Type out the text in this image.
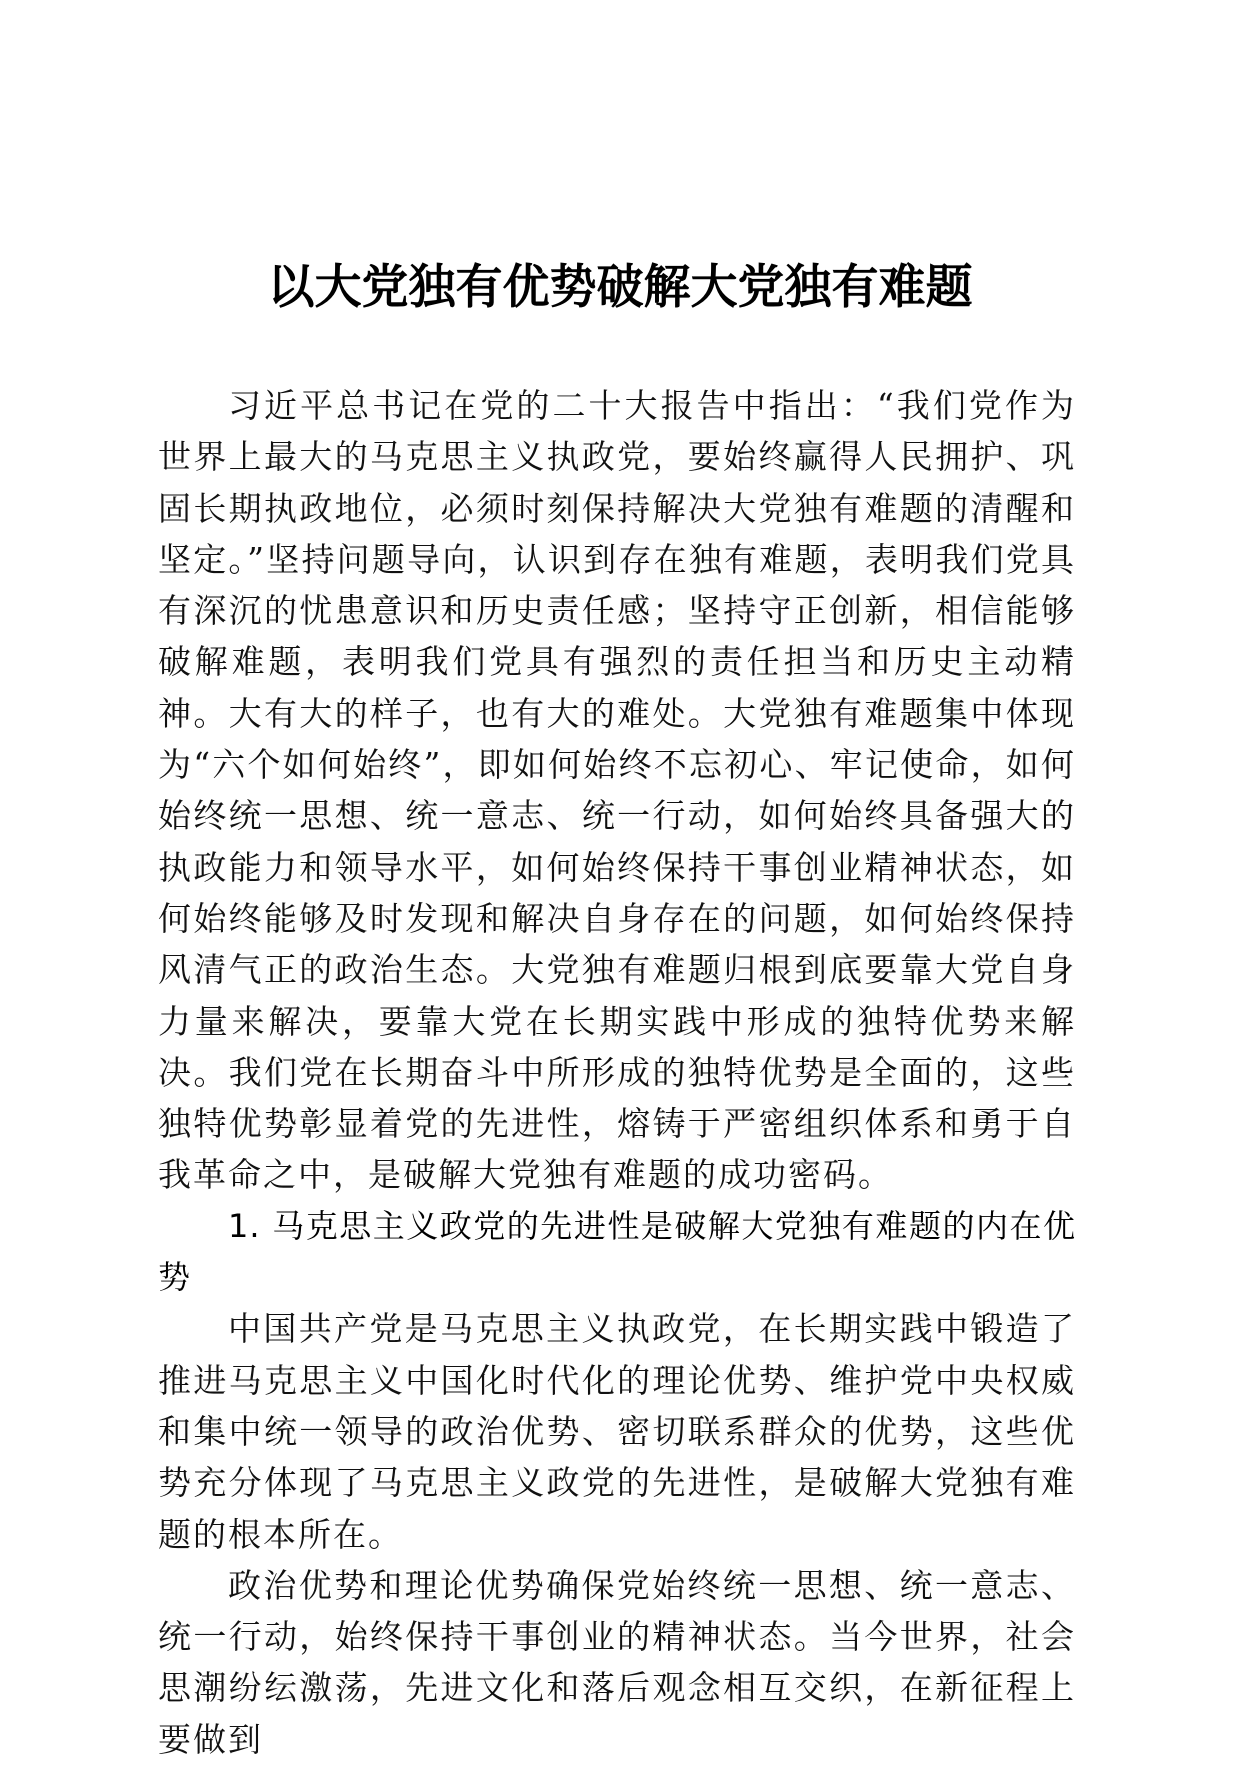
以大党独有优势破解大党独有难题

习近平总书记在党的二十大报告中指出：“我们党作为世界上最大的马克思主义执政党，要始终赢得人民拥护、巩固长期执政地位，必须时刻保持解决大党独有难题的清醒和坚定。”坚持问题导向，认识到存在独有难题，表明我们党具有深沉的忧患意识和历史责任感；坚持守正创新，相信能够破解难题，表明我们党具有强烈的责任担当和历史主动精神。大有大的样子，也有大的难处。大党独有难题集中体现为“六个如何始终”，即如何始终不忘初心、牢记使命，如何始终统一思想、统一意志、统一行动，如何始终具备强大的执政能力和领导水平，如何始终保持干事创业精神状态，如何始终能够及时发现和解决自身存在的问题，如何始终保持风清气正的政治生态。大党独有难题归根到底要靠大党自身力量来解决，要靠大党在长期实践中形成的独特优势来解决。我们党在长期奋斗中所形成的独特优势是全面的，这些独特优势彰显着党的先进性，熔铸于严密组织体系和勇于自我革命之中，是破解大党独有难题的成功密码。

1. 马克思主义政党的先进性是破解大党独有难题的内在优势

中国共产党是马克思主义执政党，在长期实践中锻造了推进马克思主义中国化时代化的理论优势、维护党中央权威和集中统一领导的政治优势、密切联系群众的优势，这些优势充分体现了马克思主义政党的先进性，是破解大党独有难题的根本所在。

政治优势和理论优势确保党始终统一思想、统一意志、统一行动，始终保持干事创业的精神状态。当今世界，社会思潮纷纭激荡，先进文化和落后观念相互交织，在新征程上要做到
